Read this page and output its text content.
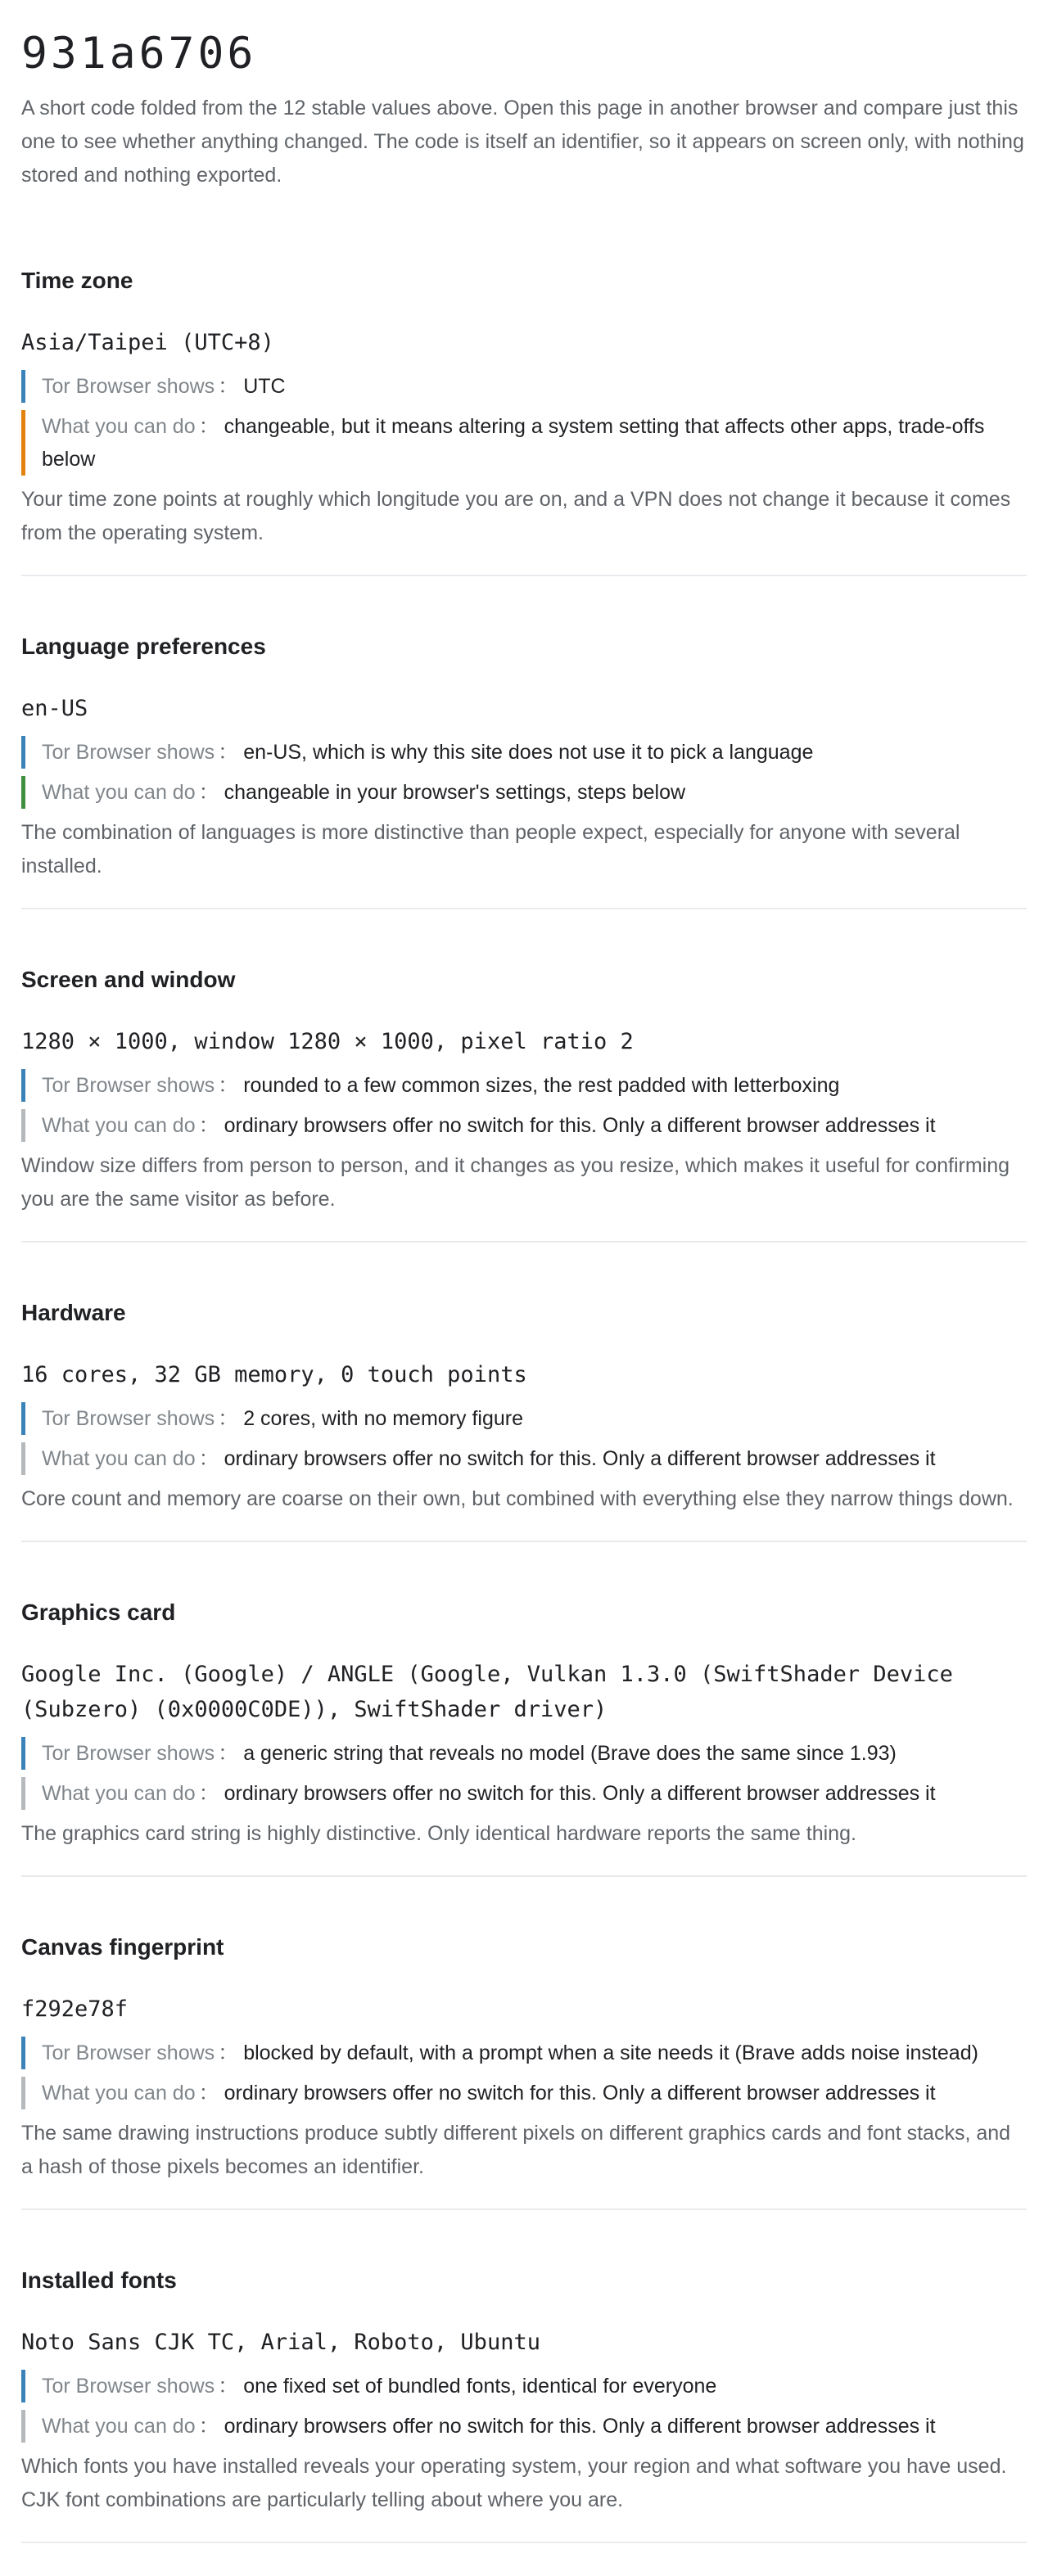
931a6706

A short code folded from the 12 stable values above. Open this page in another browser and compare just this one to see whether anything changed. The code is itself an identifier, so it appears on screen only, with nothing stored and nothing exported.

Time zone
Asia/Taipei (UTC+8)
Tor Browser shows ： UTC
What you can do ： changeable, but it means altering a system setting that affects other apps, trade-offs below

Your time zone points at roughly which longitude you are on, and a VPN does not change it because it comes from the operating system.

Language preferences
en-US
Tor Browser shows ： en-US, which is why this site does not use it to pick a language
What you can do ： changeable in your browser's settings, steps below

The combination of languages is more distinctive than people expect, especially for anyone with several installed.

Screen and window
1280 × 1000, window 1280 × 1000, pixel ratio 2
Tor Browser shows ： rounded to a few common sizes, the rest padded with letterboxing
What you can do ： ordinary browsers offer no switch for this. Only a different browser addresses it

Window size differs from person to person, and it changes as you resize, which makes it useful for confirming you are the same visitor as before.

Hardware
16 cores, 32 GB memory, 0 touch points
Tor Browser shows ： 2 cores, with no memory figure
What you can do ： ordinary browsers offer no switch for this. Only a different browser addresses it

Core count and memory are coarse on their own, but combined with everything else they narrow things down.

Graphics card
Google Inc. (Google) / ANGLE (Google, Vulkan 1.3.0 (SwiftShader Device (Subzero) (0x0000C0DE)), SwiftShader driver)
Tor Browser shows ： a generic string that reveals no model (Brave does the same since 1.93)
What you can do ： ordinary browsers offer no switch for this. Only a different browser addresses it

The graphics card string is highly distinctive. Only identical hardware reports the same thing.

Canvas fingerprint
f292e78f
Tor Browser shows ： blocked by default, with a prompt when a site needs it (Brave adds noise instead)
What you can do ： ordinary browsers offer no switch for this. Only a different browser addresses it

The same drawing instructions produce subtly different pixels on different graphics cards and font stacks, and a hash of those pixels becomes an identifier.

Installed fonts
Noto Sans CJK TC, Arial, Roboto, Ubuntu
Tor Browser shows ： one fixed set of bundled fonts, identical for everyone
What you can do ： ordinary browsers offer no switch for this. Only a different browser addresses it

Which fonts you have installed reveals your operating system, your region and what software you have used. CJK font combinations are particularly telling about where you are.
